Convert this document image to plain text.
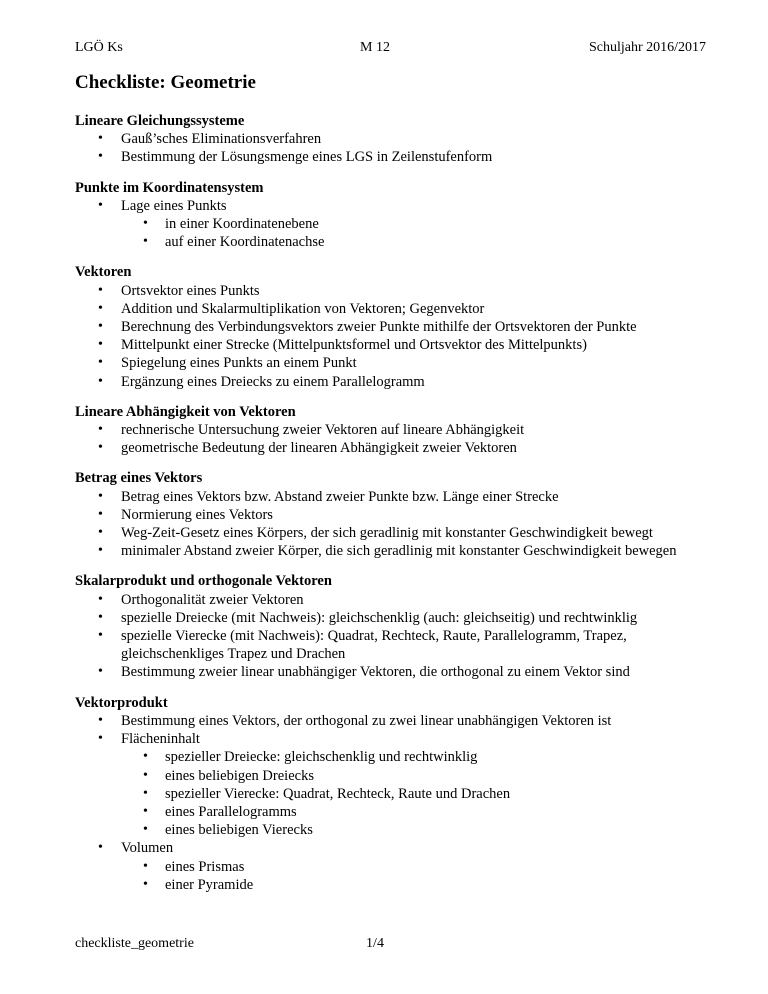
LGÖ Ks	M 12	Schuljahr 2016/2017
Checkliste: Geometrie
Lineare Gleichungssysteme
• Gauß’sches Eliminationsverfahren
• Bestimmung der Lösungsmenge eines LGS in Zeilenstufenform
Punkte im Koordinatensystem
• Lage eines Punkts
• in einer Koordinatenebene
• auf einer Koordinatenachse
Vektoren
• Ortsvektor eines Punkts
• Addition und Skalarmultiplikation von Vektoren; Gegenvektor
• Berechnung des Verbindungsvektors zweier Punkte mithilfe der Ortsvektoren der Punkte
• Mittelpunkt einer Strecke (Mittelpunktsformel und Ortsvektor des Mittelpunkts)
• Spiegelung eines Punkts an einem Punkt
• Ergänzung eines Dreiecks zu einem Parallelogramm
Lineare Abhängigkeit von Vektoren
• rechnerische Untersuchung zweier Vektoren auf lineare Abhängigkeit
• geometrische Bedeutung der linearen Abhängigkeit zweier Vektoren
Betrag eines Vektors
• Betrag eines Vektors bzw. Abstand zweier Punkte bzw. Länge einer Strecke
• Normierung eines Vektors
• Weg-Zeit-Gesetz eines Körpers, der sich geradlinig mit konstanter Geschwindigkeit bewegt
• minimaler Abstand zweier Körper, die sich geradlinig mit konstanter Geschwindigkeit bewegen
Skalarprodukt und orthogonale Vektoren
• Orthogonalität zweier Vektoren
• spezielle Dreiecke (mit Nachweis): gleichschenklig (auch: gleichseitig) und rechtwinklig
• spezielle Vierecke (mit Nachweis): Quadrat, Rechteck, Raute, Parallelogramm, Trapez, gleichschenkliges Trapez und Drachen
• Bestimmung zweier linear unabhängiger Vektoren, die orthogonal zu einem Vektor sind
Vektorprodukt
• Bestimmung eines Vektors, der orthogonal zu zwei linear unabhängigen Vektoren ist
• Flächeninhalt
• spezieller Dreiecke: gleichschenklig und rechtwinklig
• eines beliebigen Dreiecks
• spezieller Vierecke: Quadrat, Rechteck, Raute und Drachen
• eines Parallelogramms
• eines beliebigen Vierecks
• Volumen
• eines Prismas
• einer Pyramide
checkliste_geometrie	1/4
